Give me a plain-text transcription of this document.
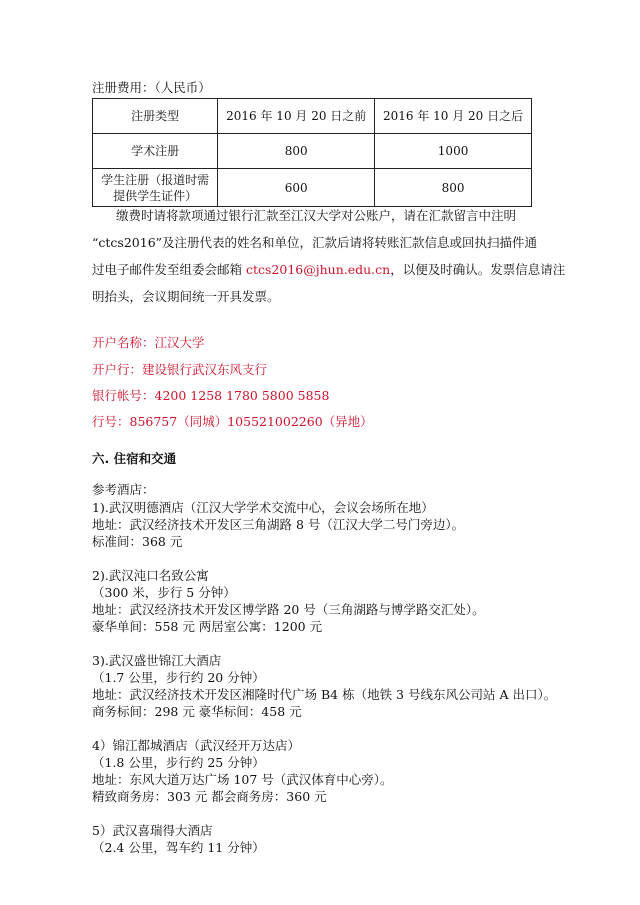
注册费用：（人民币）
注册类型	2016 年 10 月 20 日之前	2016 年 10 月 20 日之后
学术注册	800	1000

学生注册（报道时需
提供学生证件）	600	800
缴费时请将款项通过银行汇款至江汉大学对公账户，请在汇款留言中注明
“ctcs2016”及注册代表的姓名和单位，汇款后请将转账汇款信息或回执扫描件通
过电子邮件发至组委会邮箱 ctcs2016@jhun.edu.cn，以便及时确认。发票信息请注
明抬头，会议期间统一开具发票。
开户名称：江汉大学
开户行：建设银行武汉东风支行
银行帐号：4200 1258 1780 5800 5858
行号：856757（同城）105521002260（异地）
六. 住宿和交通
参考酒店：
1).武汉明德酒店（江汉大学学术交流中心，会议会场所在地）
地址：武汉经济技术开发区三角湖路 8 号（江汉大学二号门旁边）。
标准间：368 元
2).武汉沌口名致公寓
（300 米，步行 5 分钟）
地址：武汉经济技术开发区博学路 20 号（三角湖路与博学路交汇处）。
豪华单间：558 元 两居室公寓：1200 元
3).武汉盛世锦江大酒店
（1.7 公里，步行约 20 分钟）
地址：武汉经济技术开发区湘隆时代广场 B4 栋（地铁 3 号线东风公司站 A 出口）。
商务标间：298 元 豪华标间：458 元
4）锦江都城酒店（武汉经开万达店）
（1.8 公里，步行约 25 分钟）
地址：东风大道万达广场 107 号（武汉体育中心旁）。
精致商务房：303 元 都会商务房：360 元
5）武汉喜瑞得大酒店
（2.4 公里，驾车约 11 分钟）
